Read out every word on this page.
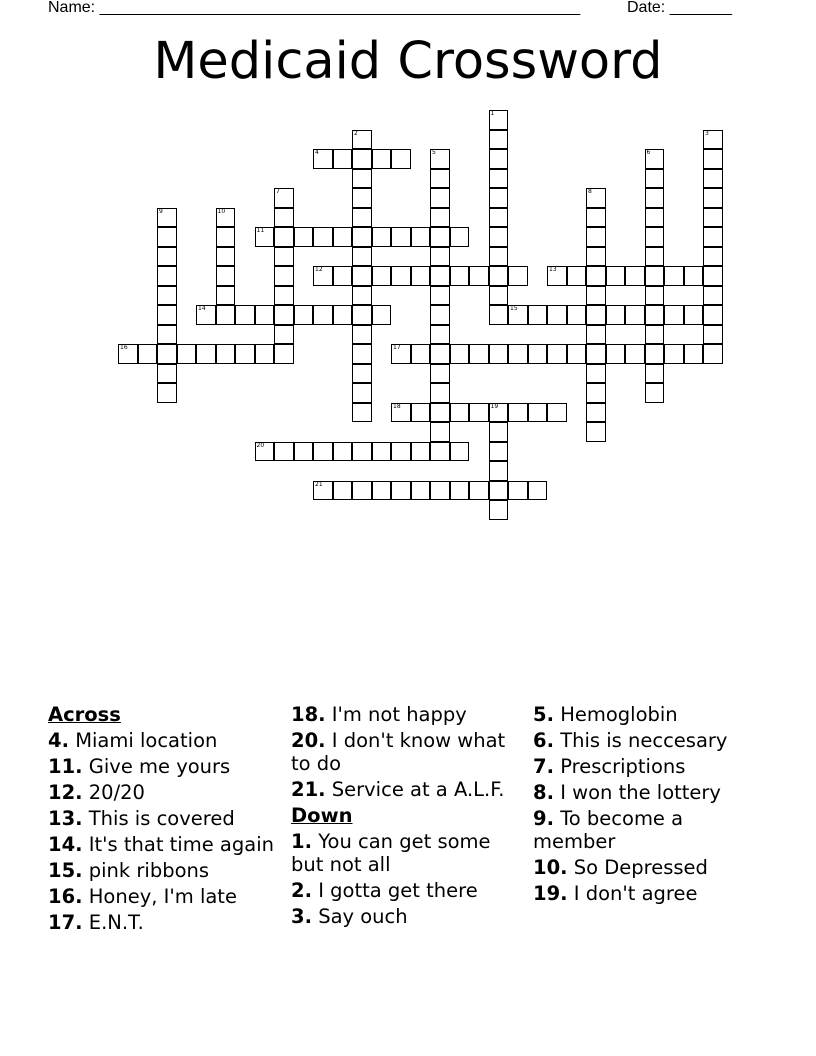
Name: ______________________________________________________	Date: _______
Medicaid Crossword
1
2	3
4	5	6
7	8
9	10
11
12	13
14	15
16	17
18	19
20
21
Across
4. Miami location
11. Give me yours
12. 20/20
13. This is covered
14. It's that time again
15. pink ribbons
16. Honey, I'm late
17. E.N.T.
18. I'm not happy
20. I don't know what to do
21. Service at a A.L.F.
Down
1. You can get some but not all
2. I gotta get there
3. Say ouch
5. Hemoglobin
6. This is neccesary
7. Prescriptions
8. I won the lottery
9. To become a member
10. So Depressed
19. I don't agree
